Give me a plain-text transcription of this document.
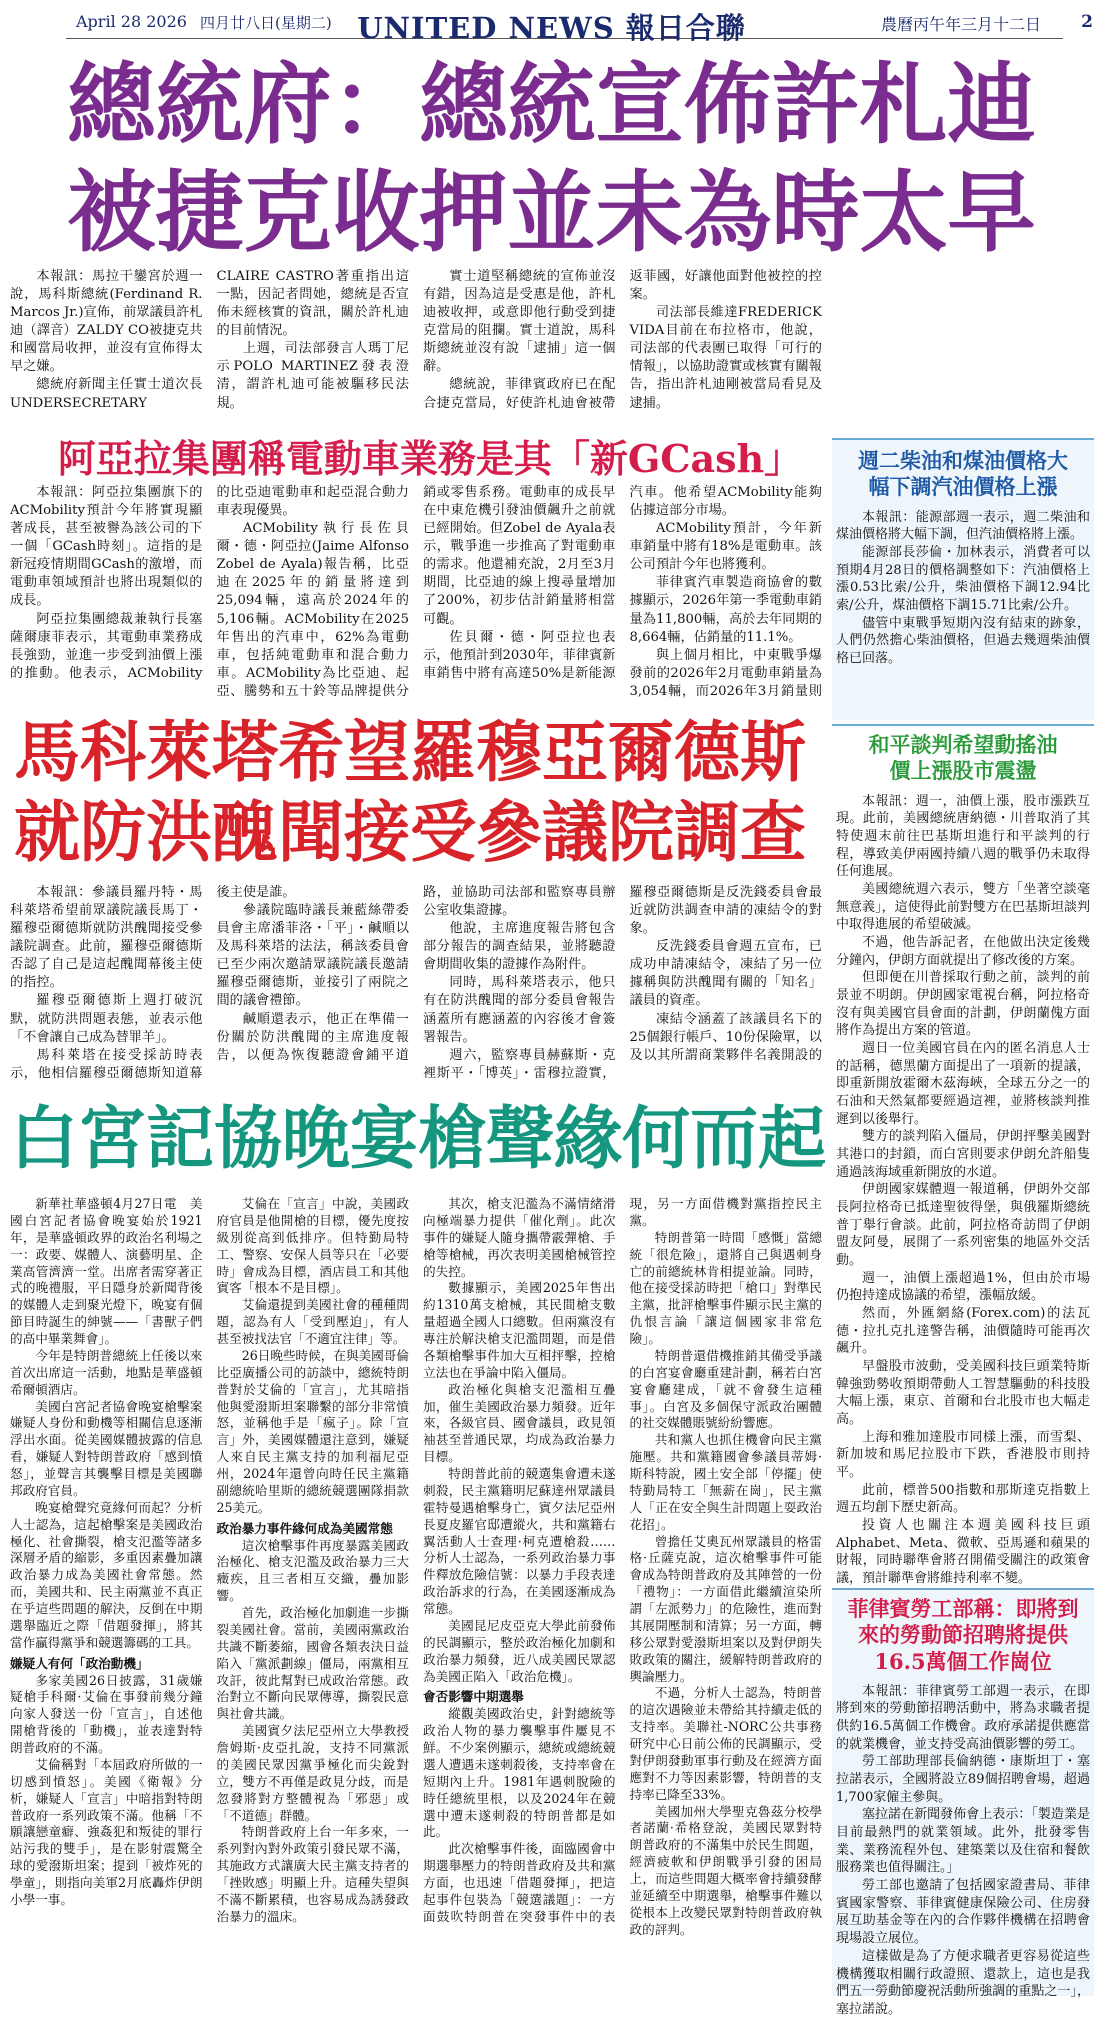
April 28 2026 四月廿八日(星期二) UNITED NEWS 報日合聯	農曆丙午年三月十二日 2
總統府：總統宣佈許札迪
被捷克收押並未為時太早

本報訊：馬拉干鑾宮於週一說，馬科斯總統(Ferdinand R. Marcos Jr.)宣佈，前眾議員許札迪（譯音）ZALDY CO被捷克共和國當局收押，並沒有宣佈得太早之嫌。

總統府新聞主任實士道次長UNDERSECRETARY CLAIRE CASTRO著重指出這一點，因記者問她，總統是否宣佈未經核實的資訊，關於許札迪的目前情況。

上週，司法部發言人瑪丁尼示POLO MARTINEZ發表澄清，謂許札迪可能被驅移民法規。

實士道堅稱總統的宣佈並沒有錯，因為這是受惠是他，許札迪被收押，或意即他行動受到捷克當局的阻攔。實士道說，馬科斯總統並沒有說「逮捕」這一個辭。

總統說，菲律賓政府已在配合捷克當局，好使許札迪會被帶返菲國，好讓他面對他被控的控案。

司法部長維達FREDERICK VIDA目前在布拉格市，他說，司法部的代表團已取得「可行的情報」，以協助證實或核實有關報告，指出許札迪剛被當局看見及逮捕。

阿亞拉集團稱電動車業務是其「新GCash」

本報訊：阿亞拉集團旗下的ACMobility預計今年將實現顯著成長，甚至被譽為該公司的下一個「GCash時刻」。這指的是新冠疫情期間GCash的激增，而電動車領域預計也將出現類似的成長。

阿亞拉集團總裁兼執行長塞薩爾康菲表示，其電動車業務成長強勁，並進一步受到油價上漲的推動。他表示，ACMobility的比亞迪電動車和起亞混合動力車表現優異。

ACMobility執行長佐貝爾・德・阿亞拉(Jaime Alfonso Zobel de Ayala)報告稱，比亞迪在2025年的銷量將達到25,094輛，遠高於2024年的5,106輛。ACMobility在2025年售出的汽車中，62%為電動車，包括純電動車和混合動力車。ACMobility為比亞迪、起亞、騰勢和五十鈴等品牌提供分銷或零售系務。電動車的成長早在中東危機引發油價飆升之前就已經開始。但Zobel de Ayala表示，戰爭進一步推高了對電動車的需求。他還補充說，2月至3月期間，比亞迪的線上搜尋量增加了200%，初步估計銷量將相當可觀。

佐貝爾・德・阿亞拉也表示，他預計到2030年，菲律賓新車銷售中將有高達50%是新能源汽車。他希望ACMobility能夠佔據這部分市場。

ACMobility預計，今年新車銷量中將有18%是電動車。該公司預計今年也將獲利。

菲律賓汽車製造商協會的數據顯示，2026年第一季電動車銷量為11,800輛，高於去年同期的8,664輛，佔銷量的11.1%。

與上個月相比，中東戰爭爆發前的2026年2月電動車銷量為3,054輛，而2026年3月銷量則

馬科萊塔希望羅穆亞爾德斯
就防洪醜聞接受參議院調查

本報訊：參議員羅丹特・馬科萊塔希望前眾議院議長馬丁・羅穆亞爾德斯就防洪醜聞接受參議院調查。此前，羅穆亞爾德斯否認了自己是這起醜聞幕後主使的指控。

羅穆亞爾德斯上週打破沉默，就防洪問題表態，並表示他「不會讓自己成為替罪羊」。

馬科萊塔在接受採訪時表示，他相信羅穆亞爾德斯知道幕後主使是誰。

參議院臨時議長兼藍絲帶委員會主席潘菲洛・「平」・鹹順以及馬科萊塔的法法，稱該委員會已至少兩次邀請眾議院議長邀請羅穆亞爾德斯，並接引了兩院之間的議會禮節。

鹹順還表示，他正在準備一份關於防洪醜聞的主席進度報告，以便為恢復聽證會鋪平道路，並協助司法部和監察專員辦公室收集證據。

他說，主席進度報告將包含部分報告的調查結果，並將聽證會期間收集的證據作為附件。

同時，馬科萊塔表示，他只有在防洪醜聞的部分委員會報告涵蓋所有應涵蓋的內容後才會簽署報告。

週六，監察專員赫蘇斯・克裡斯平・「博英」・雷穆拉證實，羅穆亞爾德斯是反洗錢委員會最近就防洪調查申請的凍結令的對象。

反洗錢委員會週五宣布，已成功申請凍結令，凍結了另一位據稱與防洪醜聞有關的「知名」議員的資產。

凍結令涵蓋了該議員名下的25個銀行帳戶、10份保險單，以及以其所謂商業夥伴名義開設的

白宮記協晚宴槍聲緣何而起

新華社華盛頓4月27日電　美國白宮記者協會晚宴始於1921年，是華盛頓政界的政治名利場之一：政要、媒體人、演藝明星、企業高管濟濟一堂。出席者需穿著正式的晚禮服，平日隱身於新聞背後的媒體人走到聚光燈下，晚宴有個節目時誕生的紳號——「書獸子們的高中畢業舞會」。

今年是特朗普總統上任後以來首次出席這一活動，地點是華盛頓希爾頓酒店。

美國白宮記者協會晚宴槍擊案嫌疑人身份和動機等相關信息逐漸浮出水面。從美國媒體披露的信息看，嫌疑人對特朗普政府「感到憤怒」，並聲言其襲擊目標是美國聯邦政府官員。

晚宴槍聲究竟緣何而起？分析人士認為，這起槍擊案是美國政治極化、社會撕裂，槍支氾濫等諸多深層矛盾的縮影，多重因素疊加讓政治暴力成為美國社會常態。然而，美國共和、民主兩黨並不真正在乎這些問題的解決，反倒在中期選舉臨近之際「借題發揮」，將其當作贏得黨爭和競選籌碼的工具。

嫌疑人有何「政治動機」

多家美國26日披露，31歲嫌疑槍手科爾·艾倫在事發前幾分鐘向家人發送一份「宣言」，自述他開槍背後的「動機」，並表達對特朗普政府的不滿。

艾倫稱對「本屆政府所做的一切感到憤怒」。美國《衛報》分析，嫌疑人「宣言」中暗指對特朗普政府一系列政策不滿。他稱「不願讓戀童癖、強姦犯和叛徒的罪行站污我的雙手」，是在影射震驚全球的愛潑斯坦案；提到「被炸死的學童」，則指向美軍2月底轟炸伊朗小學一事。

艾倫在「宣言」中說，美國政府官員是他開槍的目標，優先度按級別從高到低排序。但特勤局特工、警察、安保人員等只在「必要時」會成為目標，酒店員工和其他賓客「根本不是目標」。

艾倫還提到美國社會的種種問題，認為有人「受到壓迫」，有人甚至被找法官「不適宜注律」等。

26日晚些時候，在與美國哥倫比亞廣播公司的訪談中，總統特朗普對於艾倫的「宣言」，尤其暗指他與愛潑斯坦案聯繫的部分非常憤怒，並稱他手是「瘋子」。除「宣言」外，美國媒體還注意到，嫌疑人來自民主黨支持的加利福尼亞州，2024年還曾向時任民主黨籍副總統哈里斯的總統競選團隊捐款25美元。

政治暴力事件緣何成為美國常態

這次槍擊事件再度暴露美國政治極化、槍支氾濫及政治暴力三大癥疾，且三者相互交織，疊加影響。

首先，政治極化加劇進一步撕裂美國社會。當前，美國兩黨政治共識不斷萎縮，國會各類表決日益陷入「黨派劃線」僵局，兩黨相互攻訐，彼此幫對已成政治常態。政治對立不斷向民眾傳導，撕裂民意與社會共識。

美國賓夕法尼亞州立大學教授詹姆斯·皮亞扎說，支持不同黨派的美國民眾因黨爭極化而尖銳對立，雙方不再僅是政見分歧，而是忽發將對方整體視為「邪惡」或「不道德」群體。

特朗普政府上台一年多來，一系列對內對外政策引發民眾不滿，其施政方式讓廣大民主黨支持者的「挫敗感」明顯上升。這種失望與不滿不斷累積，也容易成為誘發政治暴力的溫床。

其次，槍支氾濫為不滿情緒滑向極端暴力提供「催化劑」。此次事件的嫌疑人隨身攜帶霰彈槍、手槍等槍械，再次表明美國槍械管控的失控。

數據顯示，美國2025年售出約1310萬支槍械，其民間槍支數量超過全國人口總數。但兩黨沒有專注於解決槍支氾濫問題，而是借各類槍擊事件加大互相抨擊，控槍立法也在爭論中陷入僵局。

政治極化與槍支氾濫相互疊加，催生美國政治暴力頻發。近年來，各級官員、國會議員，政見領袖甚至普通民眾，均成為政治暴力目標。

特朗普此前的競選集會遭未遂刺殺，民主黨籍明尼蘇達州眾議員霍特曼遇槍擊身亡，賓夕法尼亞州長夏皮羅官邸遭縱火，共和黨籍右翼活動人士查理·柯克遭槍殺……分析人士認為，一系列政治暴力事件釋放危險信號：以暴力手段表達政治訴求的行為，在美國逐漸成為常態。

美國昆尼皮亞克大學此前發佈的民調顯示，整於政治極化加劇和政治暴力頻發，近八成美國民眾認為美國正陷入「政治危機」。

會否影響中期選舉

縱觀美國政治史，針對總統等政治人物的暴力襲擊事件屢見不鮮。不少案例顯示，總統或總統競選人遭遇未遂刺殺後，支持率會在短期內上升。1981年遇刺脫險的時任總統里根，以及2024年在競選中遭未遂刺殺的特朗普都是如此。

此次槍擊事件後，面臨國會中期選舉壓力的特朗普政府及共和黨方面，也迅速「借題發揮」，把這起事件包裝為「競選議題」：一方面鼓吹特朗普在突發事件中的表現，另一方面借機對黨指控民主黨。

特朗普第一時間「感慨」當總統「很危險」，還將自己與遇刺身亡的前總統林肯相提並論。同時，他在接受採訪時把「槍口」對準民主黨，批評槍擊事件顯示民主黨的仇恨言論「讓這個國家非常危險」。

特朗普還借機推銷其備受爭議的白宮宴會廳重建計劃，稱若白宮宴會廳建成，「就不會發生這種事」。白宮及多個保守派政治團體的社交媒體賬號紛紛響應。

共和黨人也抓住機會向民主黨施壓。共和黨籍國會參議員蒂姆·斯科特說，國土安全部「停擺」使特勤局特工「無薪在崗」，民主黨人「正在安全與生計問題上耍政治花招」。

曾擔任艾奧瓦州眾議員的格雷格·丘薩克說，這次槍擊事件可能會成為特朗普政府及其陣營的一份「禮物」：一方面借此繼續渲染所謂「左派勢力」的危險性，進而對其展開壓制和清算；另一方面，轉移公眾對愛潑斯坦案以及對伊朗失敗政策的關注，緩解特朗普政府的輿論壓力。

不過，分析人士認為，特朗普的這次遇險並未帶給其持續走低的支持率。美聯社-NORC公共事務研究中心日前公佈的民調顯示，受對伊朗發動軍事行動及在經濟方面應對不力等因素影響，特朗普的支持率已降至33%。

美國加州大學聖克魯茲分校學者諾蘭·希格登說，美國民眾對特朗普政府的不滿集中於民生問題，經濟疲軟和伊朗戰爭引發的困局上，而這些問題大概率會持續發酵並延續至中期選舉，槍擊事件難以從根本上改變民眾對特朗普政府執政的評判。

週二柴油和煤油價格大幅下調汽油價格上漲

本報訊：能源部週一表示，週二柴油和煤油價格將大幅下調，但汽油價格將上漲。

能源部長莎倫・加林表示，消費者可以預期4月28日的價格調整如下：汽油價格上漲0.53比索/公升，柴油價格下調12.94比索/公升，煤油價格下調15.71比索/公升。

儘管中東戰爭短期內沒有結束的跡象，人們仍然擔心柴油價格，但過去幾週柴油價格已回落。

和平談判希望動搖油價上漲股市震盪

本報訊：週一，油價上漲，股市漲跌互現。此前，美國總統唐納德・川普取消了其特使週末前往巴基斯坦進行和平談判的行程，導致美伊兩國持續八週的戰爭仍未取得任何進展。

美國總統週六表示，雙方「坐著空談毫無意義」，這使得此前對雙方在巴基斯坦談判中取得進展的希望破滅。

不過，他告訴記者，在他做出決定後幾分鐘內，伊朗方面就提出了修改後的方案。

但即便在川普採取行動之前，談判的前景並不明朗。伊朗國家電視台稱，阿拉格奇沒有與美國官員會面的計劃，伊朗蘭傀方面將作為提出方案的管道。

週日一位美國官員在內的匿名消息人士的話稱，德黑蘭方面提出了一項新的提議，即重新開放霍爾木茲海峽，全球五分之一的石油和天然氣都要經過這裡，並將核談判推遲到以後舉行。

雙方的談判陷入僵局，伊朗抨擊美國對其港口的封鎖，而白宮則要求伊朗允許船隻通過該海域重新開放的水道。

伊朗國家媒體週一報道稱，伊朗外交部長阿拉格奇已抵達聖彼得堡，與俄羅斯總統普丁舉行會談。此前，阿拉格奇訪問了伊朗盟友阿曼，展開了一系列密集的地區外交活動。

週一，油價上漲超過1%，但由於市場仍抱持達成協議的希望，漲幅放緩。

然而，外匯網絡(Forex.com)的法瓦德・拉扎克扎達警告稱，油價隨時可能再次飆升。

早盤股市波動，受美國科技巨頭業特斯韓強勁勢收預期帶動人工智慧驅動的科技股大幅上漲，東京、首爾和台北股市也大幅走高。

上海和雅加達股市同樣上漲，而雪梨、新加坡和馬尼拉股市下跌，香港股市則持平。

此前，標普500指數和那斯達克指數上週五均創下歷史新高。

投資人也關注本週美國科技巨頭Alphabet、Meta、微軟、亞馬遜和蘋果的財報，同時聯準會將召開備受關注的政策會議，預計聯準會將維持利率不變。

菲律賓勞工部稱：即將到來的勞動節招聘將提供16.5萬個工作崗位

本報訊：菲律賓勞工部週一表示，在即將到來的勞動節招聘活動中，將為求職者提供約16.5萬個工作機會。政府承諾提供應當的就業機會，並支持受高油價影響的勞工。

勞工部助理部長倫納德・康斯坦丁・塞拉諾表示，全國將設立89個招聘會場，超過1,700家僱主參與。

塞拉諾在新聞發佈會上表示：「製造業是目前最熱門的就業領域。此外，批發零售業、業務流程外包、建築業以及住宿和餐飲服務業也值得關注。」

勞工部也邀請了包括國家證書局、菲律賓國家警察、菲律賓健康保險公司、住房發展互助基金等在內的合作夥伴機構在招聘會現場設立展位。

這樣做是為了方便求職者更容易從這些機構獲取相關行政證照、還款上，這也是我們五一勞動節慶祝活動所強調的重點之一」，塞拉諾說。
